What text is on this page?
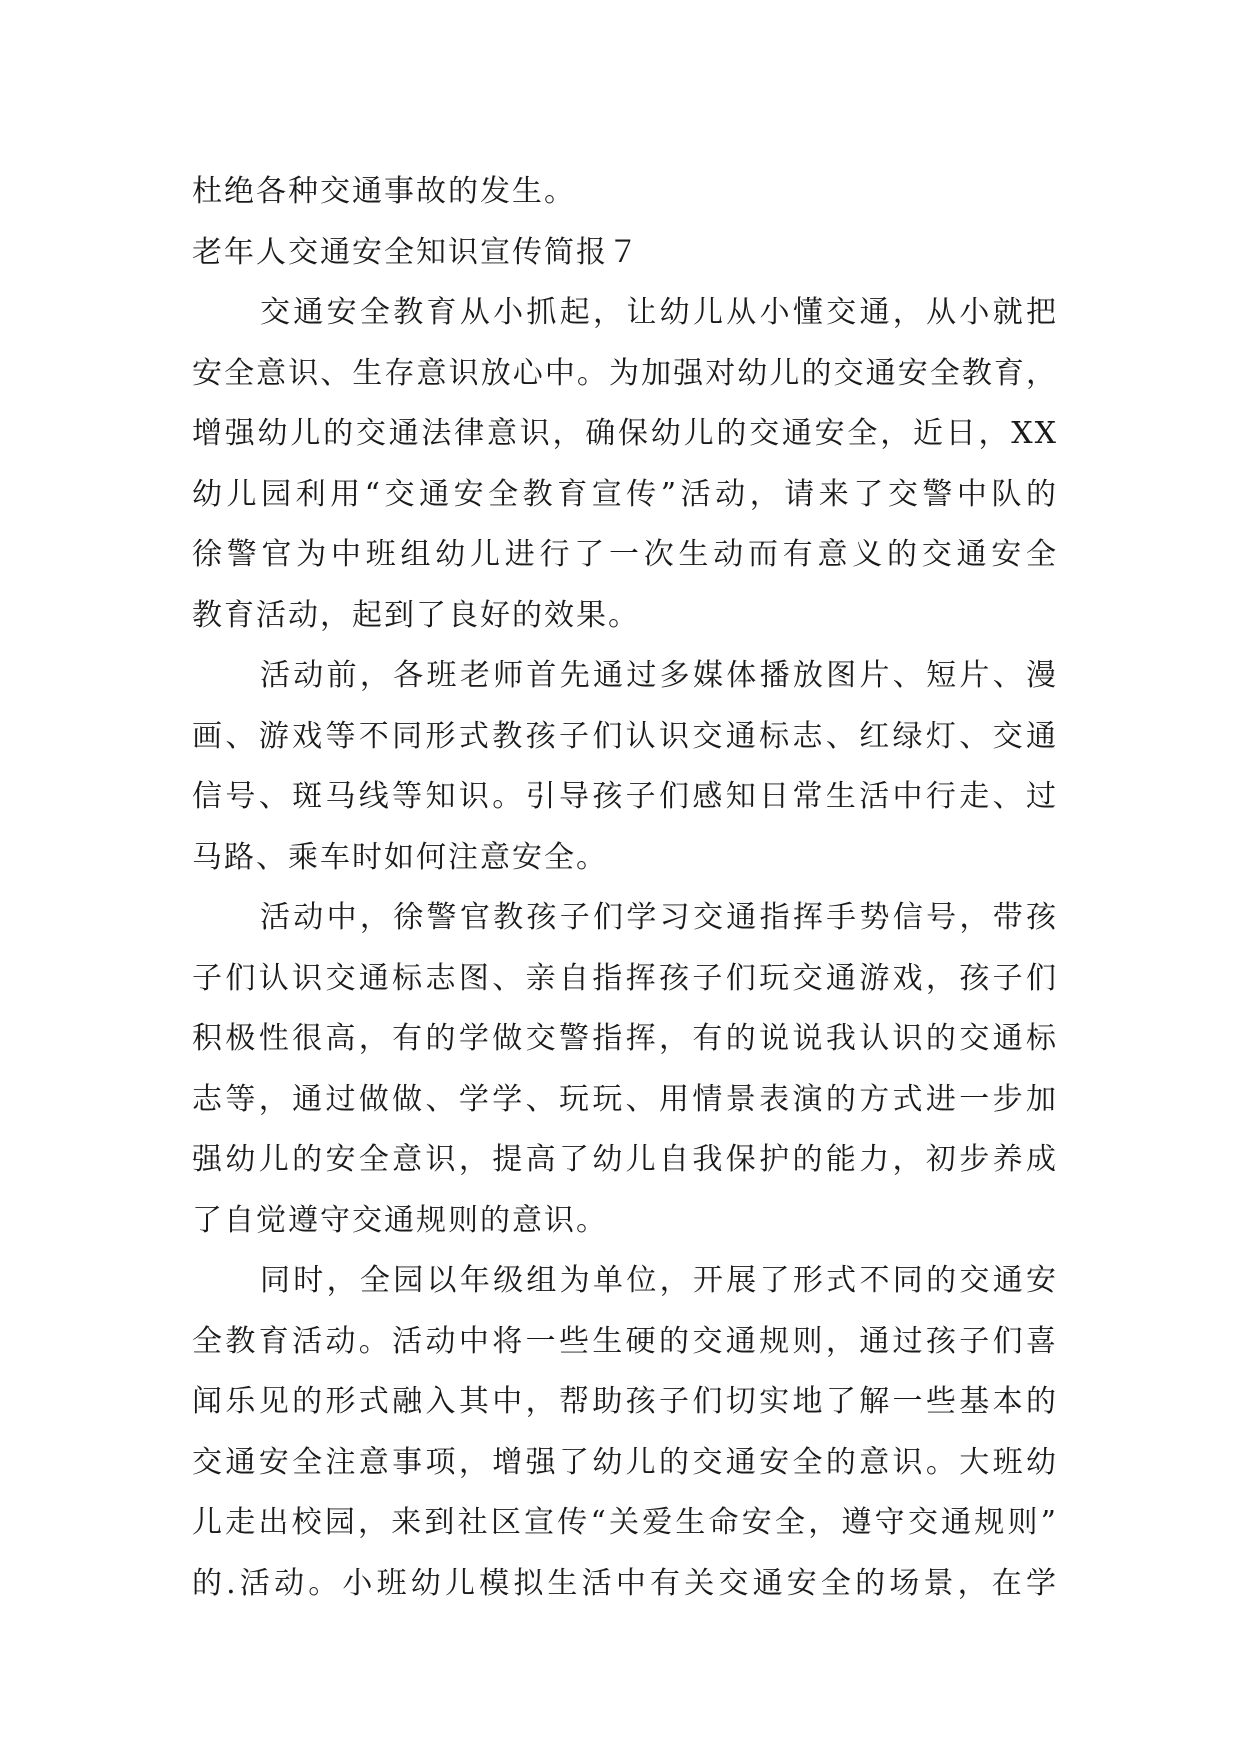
杜绝各种交通事故的发生。
老年人交通安全知识宣传简报７
交通安全教育从小抓起，让幼儿从小懂交通，从小就把
安全意识、生存意识放心中。为加强对幼儿的交通安全教育，
增强幼儿的交通法律意识，确保幼儿的交通安全，近日，XX
幼儿园利用“交通安全教育宣传”活动，请来了交警中队的
徐警官为中班组幼儿进行了一次生动而有意义的交通安全
教育活动，起到了良好的效果。
活动前，各班老师首先通过多媒体播放图片、短片、漫
画、游戏等不同形式教孩子们认识交通标志、红绿灯、交通
信号、斑马线等知识。引导孩子们感知日常生活中行走、过
马路、乘车时如何注意安全。
活动中，徐警官教孩子们学习交通指挥手势信号，带孩
子们认识交通标志图、亲自指挥孩子们玩交通游戏，孩子们
积极性很高，有的学做交警指挥，有的说说我认识的交通标
志等，通过做做、学学、玩玩、用情景表演的方式进一步加
强幼儿的安全意识，提高了幼儿自我保护的能力，初步养成
了自觉遵守交通规则的意识。
同时，全园以年级组为单位，开展了形式不同的交通安
全教育活动。活动中将一些生硬的交通规则，通过孩子们喜
闻乐见的形式融入其中，帮助孩子们切实地了解一些基本的
交通安全注意事项，增强了幼儿的交通安全的意识。大班幼
儿走出校园，来到社区宣传“关爱生命安全，遵守交通规则”
的.活动。小班幼儿模拟生活中有关交通安全的场景，在学
